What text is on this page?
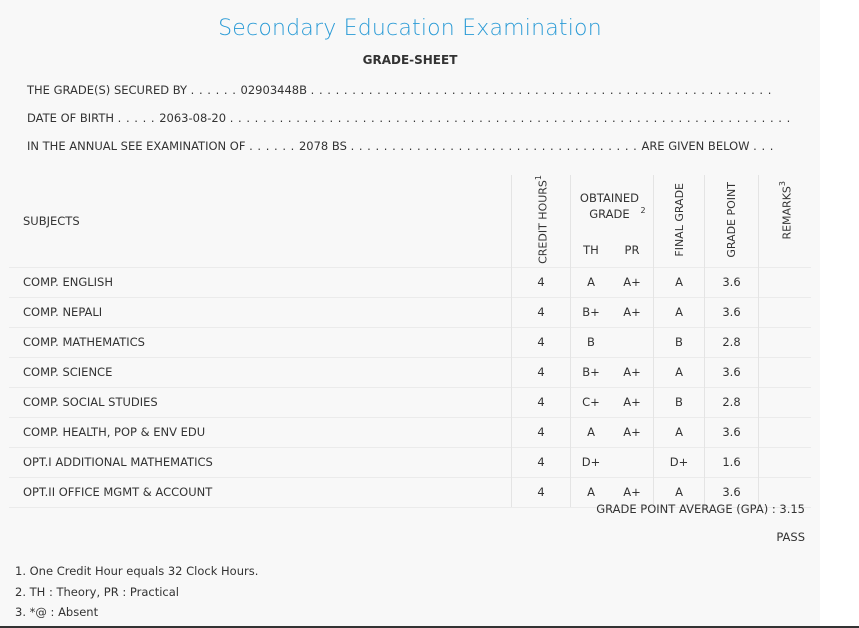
Secondary Education Examination
GRADE-SHEET
THE GRADE(S) SECURED BY . . . . . . 02903448B . . . . . . . . . . . . . . . . . . . . . . . . . . . . . . . . . . . . . . . . . . . . . . . . . . . . . . . .
DATE OF BIRTH . . . . . 2063-08-20 . . . . . . . . . . . . . . . . . . . . . . . . . . . . . . . . . . . . . . . . . . . . . . . . . . . . . . . . . . . . . . . . . . . .
IN THE ANNUAL SEE EXAMINATION OF . . . . . . 2078 BS . . . . . . . . . . . . . . . . . . . . . . . . . . . . . . . . . . . ARE GIVEN BELOW . . .
SUBJECTS	CREDIT HOURS$^1$	OBTAINED GRADE $^2$		FINAL GRADE	GRADE POINT	REMARKS$^3$
		TH	PR			
COMP. ENGLISH	4	A	A+	A	3.6	
COMP. NEPALI	4	B+	A+	A	3.6	
COMP. MATHEMATICS	4	B		B	2.8	
COMP. SCIENCE	4	B+	A+	A	3.6	
COMP. SOCIAL STUDIES	4	C+	A+	B	2.8	
COMP. HEALTH, POP & ENV EDU	4	A	A+	A	3.6	
OPT.I ADDITIONAL MATHEMATICS	4	D+		D+	1.6	
OPT.II OFFICE MGMT & ACCOUNT	4	A	A+	A	3.6	
GRADE POINT AVERAGE (GPA) : 3.15
PASS
1. One Credit Hour equals 32 Clock Hours.
2. TH : Theory, PR : Practical
3. *@ : Absent
